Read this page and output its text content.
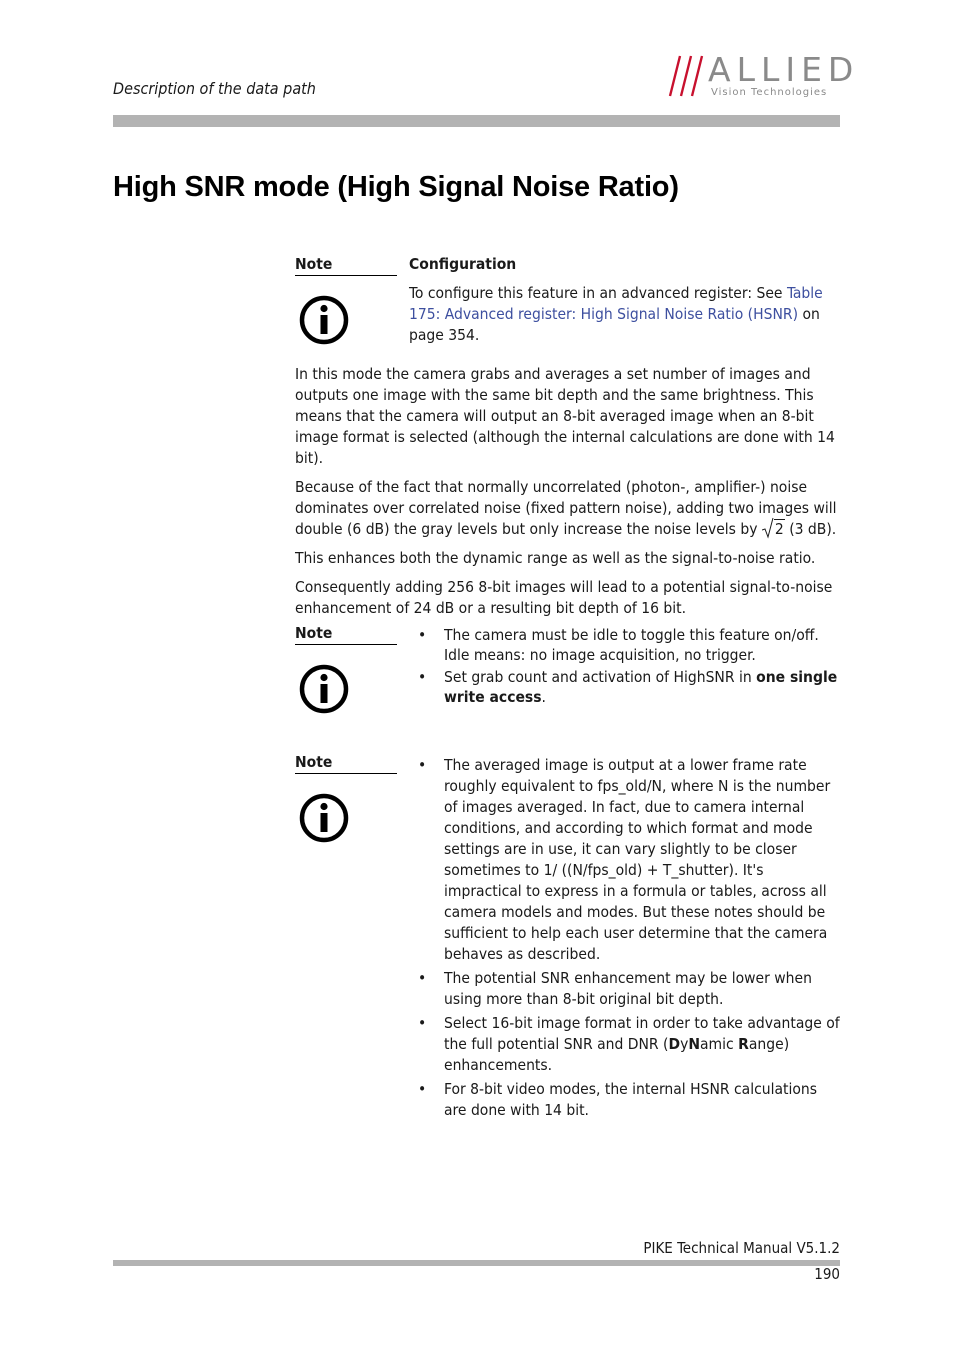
Description of the data path	ALLIED
Vision Technologies
High SNR mode (High Signal Noise Ratio)
Note	Configuration
To configure this feature in an advanced register: See Table 175: Advanced register: High Signal Noise Ratio (HSNR) on page 354.

In this mode the camera grabs and averages a set number of images and outputs one image with the same bit depth and the same brightness. This means that the camera will output an 8-bit averaged image when an 8-bit image format is selected (although the internal calculations are done with 14 bit).

Because of the fact that normally uncorrelated (photon-, amplifier-) noise dominates over correlated noise (fixed pattern noise), adding two images will double (6 dB) the gray levels but only increase the noise levels by
2 (3 dB).

This enhances both the dynamic range as well as the signal-to-noise ratio.

Consequently adding 256 8-bit images will lead to a potential signal-to-noise enhancement of 24 dB or a resulting bit depth of 16 bit.

Note	• The camera must be idle to toggle this feature on/off. Idle means: no image acquisition, no trigger.
• Set grab count and activation of HighSNR in one single write access.
Note	• The averaged image is output at a lower frame rate roughly equivalent to fps_old/N, where N is the number of images averaged. In fact, due to camera internal conditions, and according to which format and mode settings are in use, it can vary slightly to be closer sometimes to 1/ ((N/fps_old) + T_shutter). It's impractical to express in a formula or tables, across all camera models and modes. But these notes should be sufficient to help each user determine that the camera behaves as described.
• The potential SNR enhancement may be lower when using more than 8-bit original bit depth.
• Select 16-bit image format in order to take advantage of the full potential SNR and DNR (DyNamic Range) enhancements.
• For 8-bit video modes, the internal HSNR calculations are done with 14 bit.
PIKE Technical Manual V5.1.2
190
